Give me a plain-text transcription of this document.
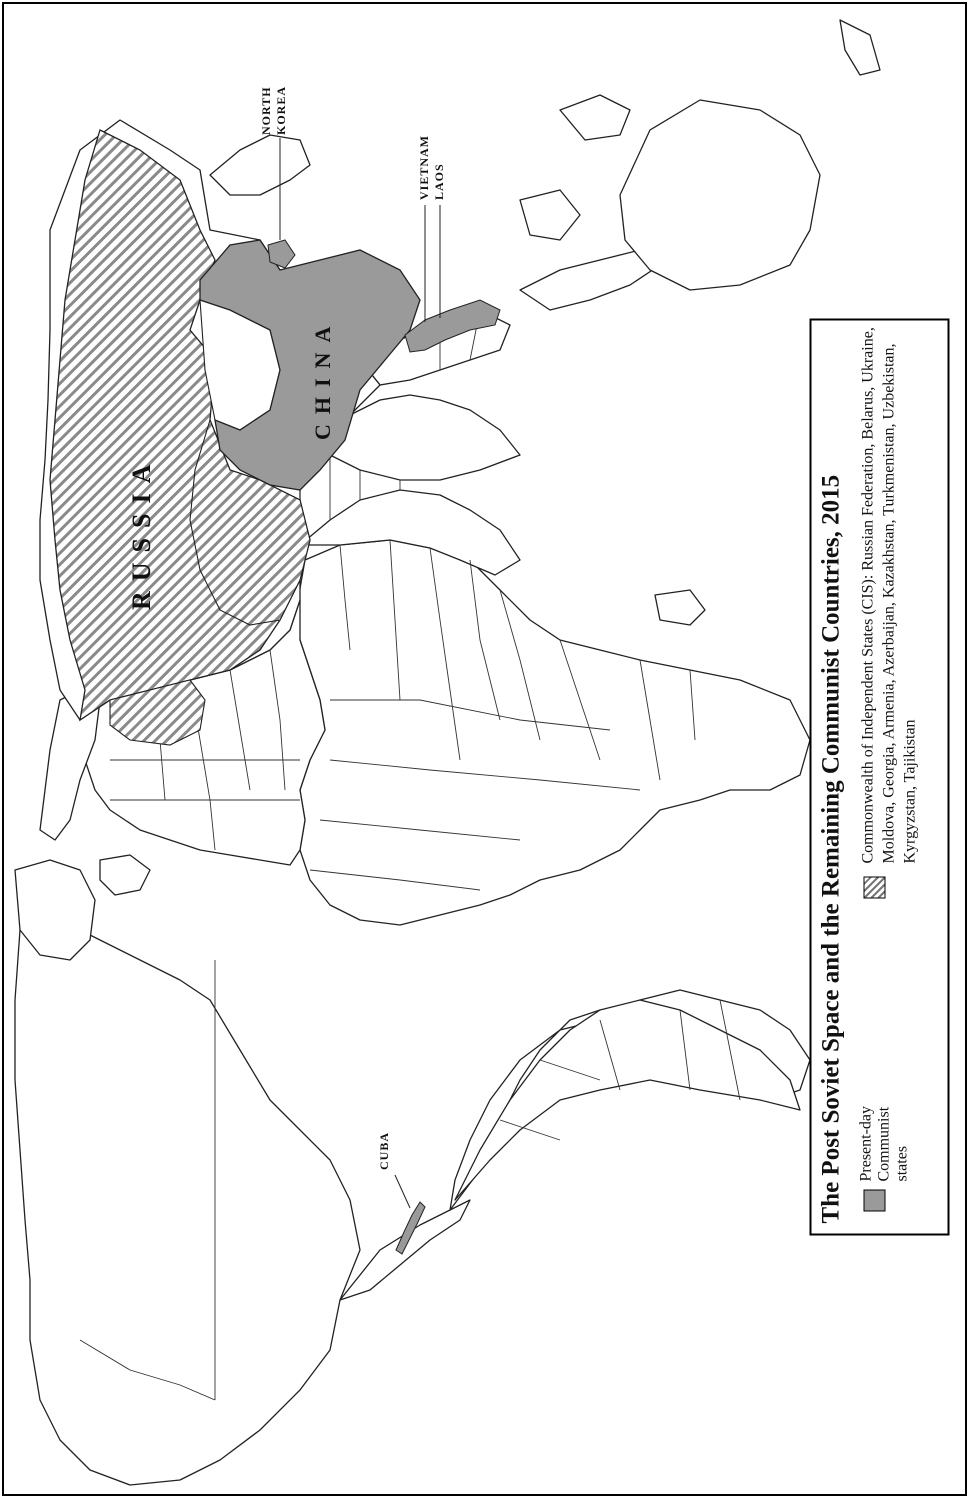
RUSSIA
CHINA
NORTH KOREA
VIETNAM LAOS
CUBA	The Post Soviet Space and the Remaining Communist Countries, 2015 Present-day Communist states
Commonwealth of Independent States (CIS): Russian Federation, Belarus, Ukraine, Moldova, Georgia, Armenia, Azerbaijan, Kazakhstan, Turkmenistan, Uzbekistan, Kyrgyzstan, Tajikistan
